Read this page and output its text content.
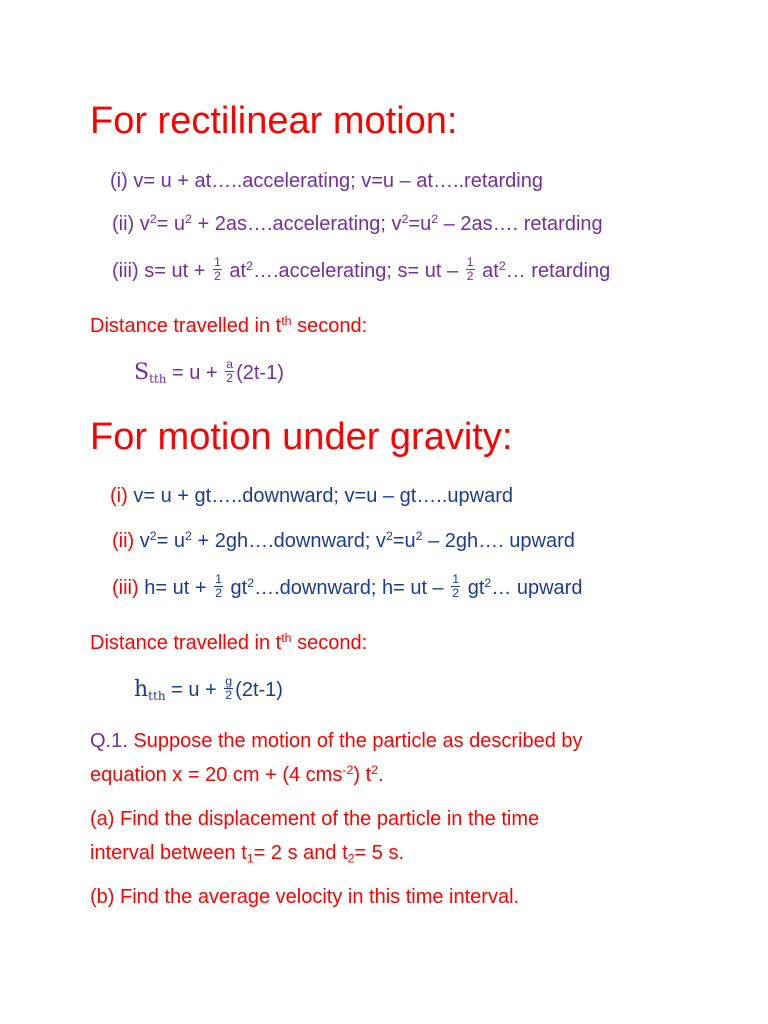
For rectilinear motion:
(i) v= u + at…..accelerating; v=u – at…..retarding
(ii) $v^2= u^2$ + 2as….accelerating; $v^2=u^2$ – 2as…. retarding
(iii) s= ut + $\frac{1}{2}$ $at^2\dots.accelerating$; s= ut – $\frac{1}{2}$ $at^2\dots$ retarding
Distance travelled in $t^{th}$ second:
$S_{tth} = u + \frac{a}{2} (2t-1)$
For motion under gravity:
(i) v= u + gt…..downward; v=u – gt…..upward
(ii) $v^2= u^2$ + 2gh….downward; $v^2=u^2$ – 2gh…. upward
(iii) h= ut + $\frac{1}{2}$ $gt^2\dots.downward$; h= ut – $\frac{1}{2}$ $gt^2\dots$ upward
Distance travelled in $t^{th}$ second:
$h_{tth} = u + \frac{g}{2} (2t-1)$
Q.1. Suppose the motion of the particle as described by
equation x = 20 cm + (4 cms$^{-2}$) $t^2$.
(a) Find the displacement of the particle in the time
interval between $t_1= 2$ s and $t_2= 5$ s.
(b) Find the average velocity in this time interval.
